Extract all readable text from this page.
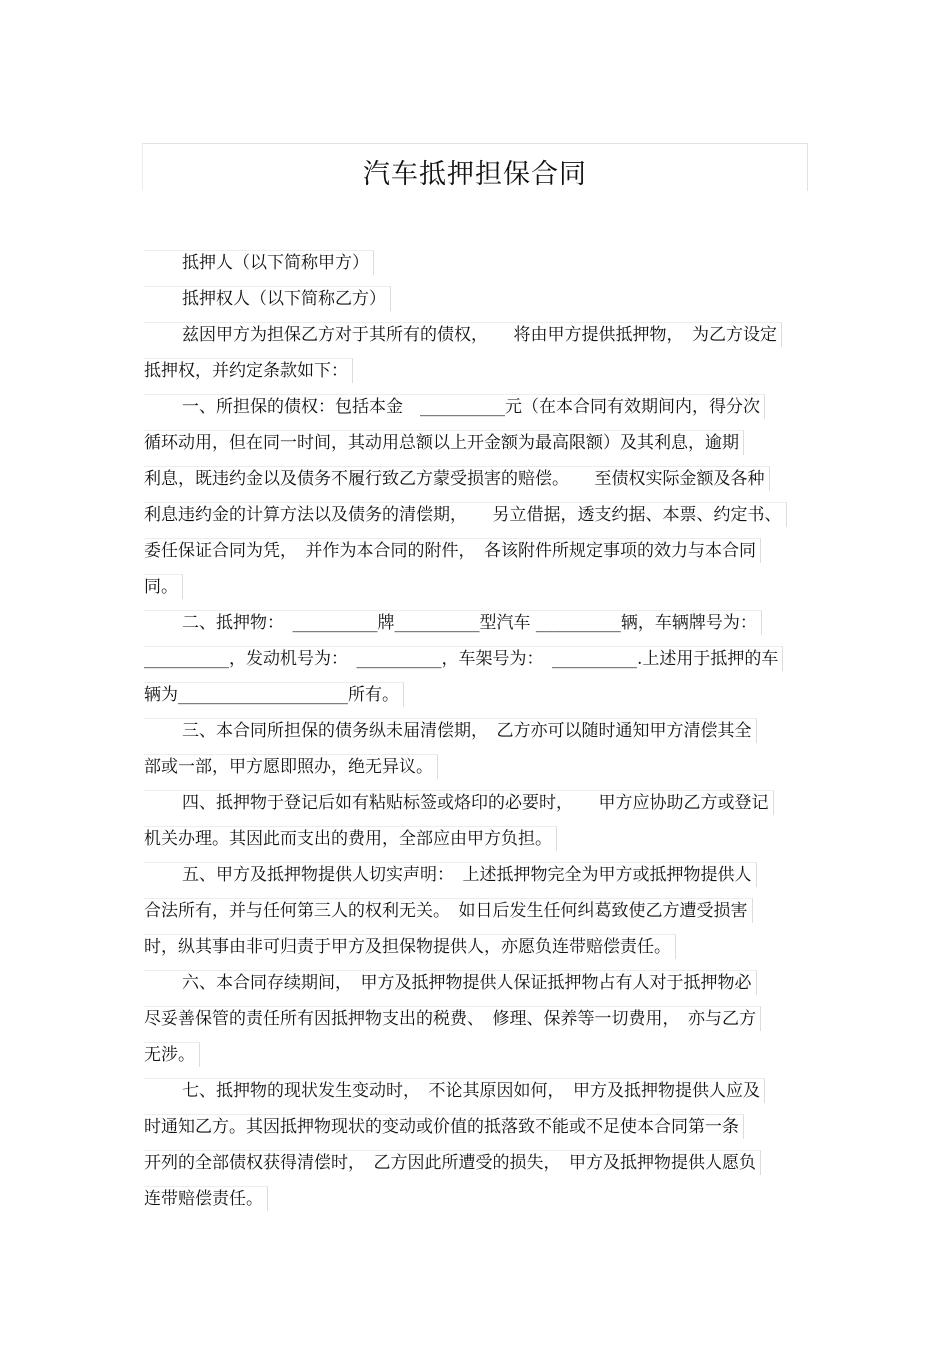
汽车抵押担保合同
抵押人（以下简称甲方）
抵押权人（以下简称乙方）
兹因甲方为担保乙方对于其所有的债权，　　将由甲方提供抵押物，　为乙方设定
抵押权，并约定条款如下：
一、所担保的债权：包括本金　__________元（在本合同有效期间内，得分次
循环动用，但在同一时间，其动用总额以上开金额为最高限额）及其利息，逾期
利息，既违约金以及债务不履行致乙方蒙受损害的赔偿。　　至债权实际金额及各种
利息违约金的计算方法以及债务的清偿期，　　另立借据，透支约据、本票、约定书、
委任保证合同为凭，　并作为本合同的附件，　各该附件所规定事项的效力与本合同
同。
二、抵押物：　__________牌__________型汽车 __________辆，车辆牌号为：
__________，发动机号为：　__________，车架号为：　__________.上述用于抵押的车
辆为____________________所有。
三、本合同所担保的债务纵未届清偿期，　乙方亦可以随时通知甲方清偿其全
部或一部，甲方愿即照办，绝无异议。
四、抵押物于登记后如有粘贴标签或烙印的必要时，　　甲方应协助乙方或登记
机关办理。其因此而支出的费用，全部应由甲方负担。
五、甲方及抵押物提供人切实声明：　上述抵押物完全为甲方或抵押物提供人
合法所有，并与任何第三人的权利无关。　如日后发生任何纠葛致使乙方遭受损害
时，纵其事由非可归责于甲方及担保物提供人，亦愿负连带赔偿责任。
六、本合同存续期间，　甲方及抵押物提供人保证抵押物占有人对于抵押物必
尽妥善保管的责任所有因抵押物支出的税费、　修理、保养等一切费用，　亦与乙方
无涉。
七、抵押物的现状发生变动时，　不论其原因如何，　甲方及抵押物提供人应及
时通知乙方。其因抵押物现状的变动或价值的抵落致不能或不足使本合同第一条
开列的全部债权获得清偿时，　乙方因此所遭受的损失，　甲方及抵押物提供人愿负
连带赔偿责任。
